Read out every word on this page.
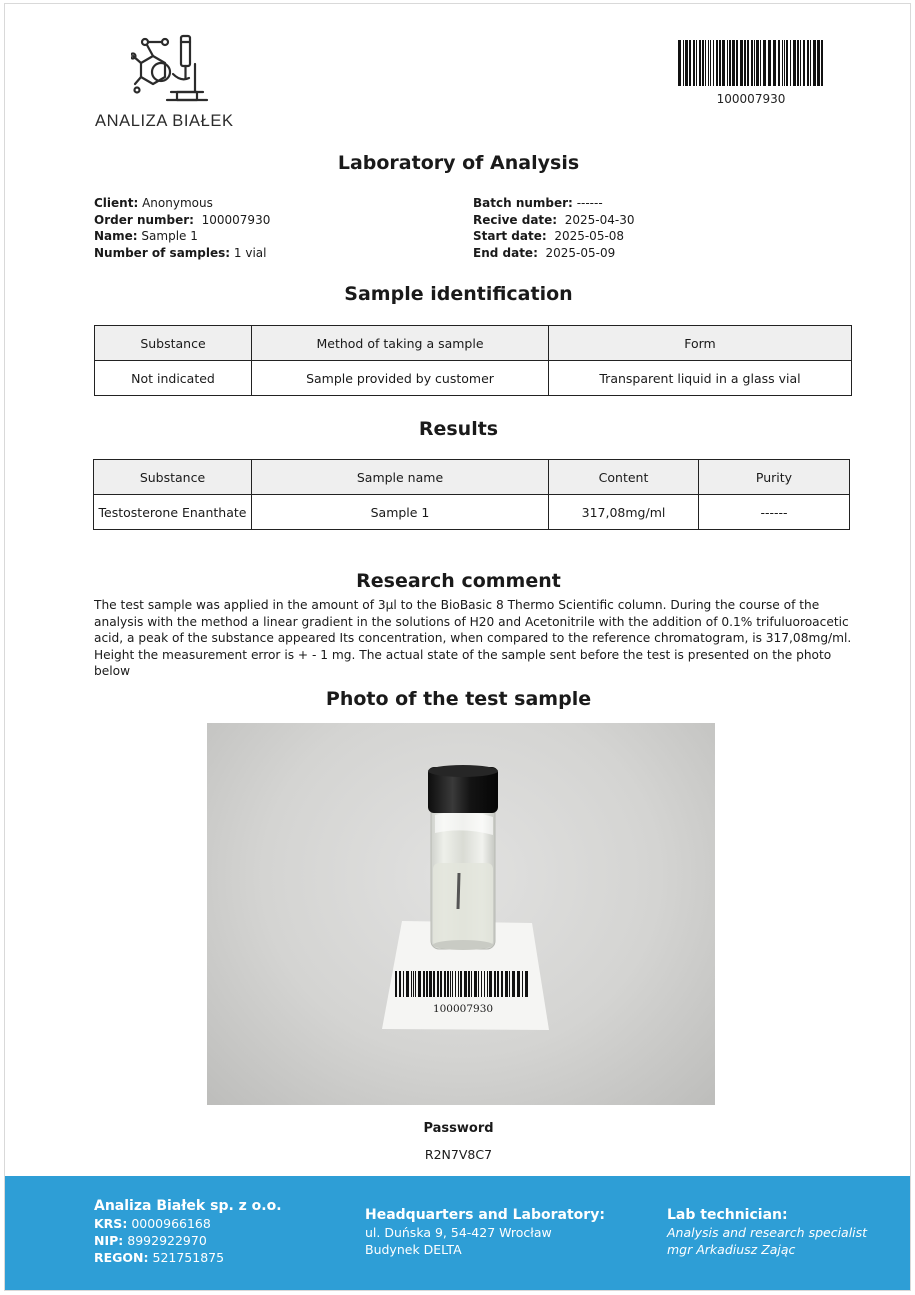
ANALIZA BIAŁEK
100007930
Laboratory of Analysis
Client: Anonymous
Order number: 100007930
Name: Sample 1
Number of samples: 1 vial
Batch number: ------
Recive date: 2025-04-30
Start date: 2025-05-08
End date: 2025-05-09
Sample identification
Substance	Method of taking a sample	Form
Not indicated	Sample provided by customer	Transparent liquid in a glass vial
Results
Substance	Sample name	Content	Purity
Testosterone Enanthate	Sample 1	317,08mg/ml	------
Research comment
The test sample was applied in the amount of 3µl to the BioBasic 8 Thermo Scientific column. During the course of the analysis with the method a linear gradient in the solutions of H20 and Acetonitrile with the addition of 0.1% trifuluoroacetic acid, a peak of the substance appeared Its concentration, when compared to the reference chromatogram, is 317,08mg/ml. Height the measurement error is + - 1 mg. The actual state of the sample sent before the test is presented on the photo below
Photo of the test sample
100007930
Password
R2N7V8C7
Analiza Białek sp. z o.o.
KRS: 0000966168
NIP: 8992922970
REGON: 521751875
Headquarters and Laboratory:
ul. Duńska 9, 54-427 Wrocław
Budynek DELTA
Lab technician:
Analysis and research specialist
mgr Arkadiusz Zając
